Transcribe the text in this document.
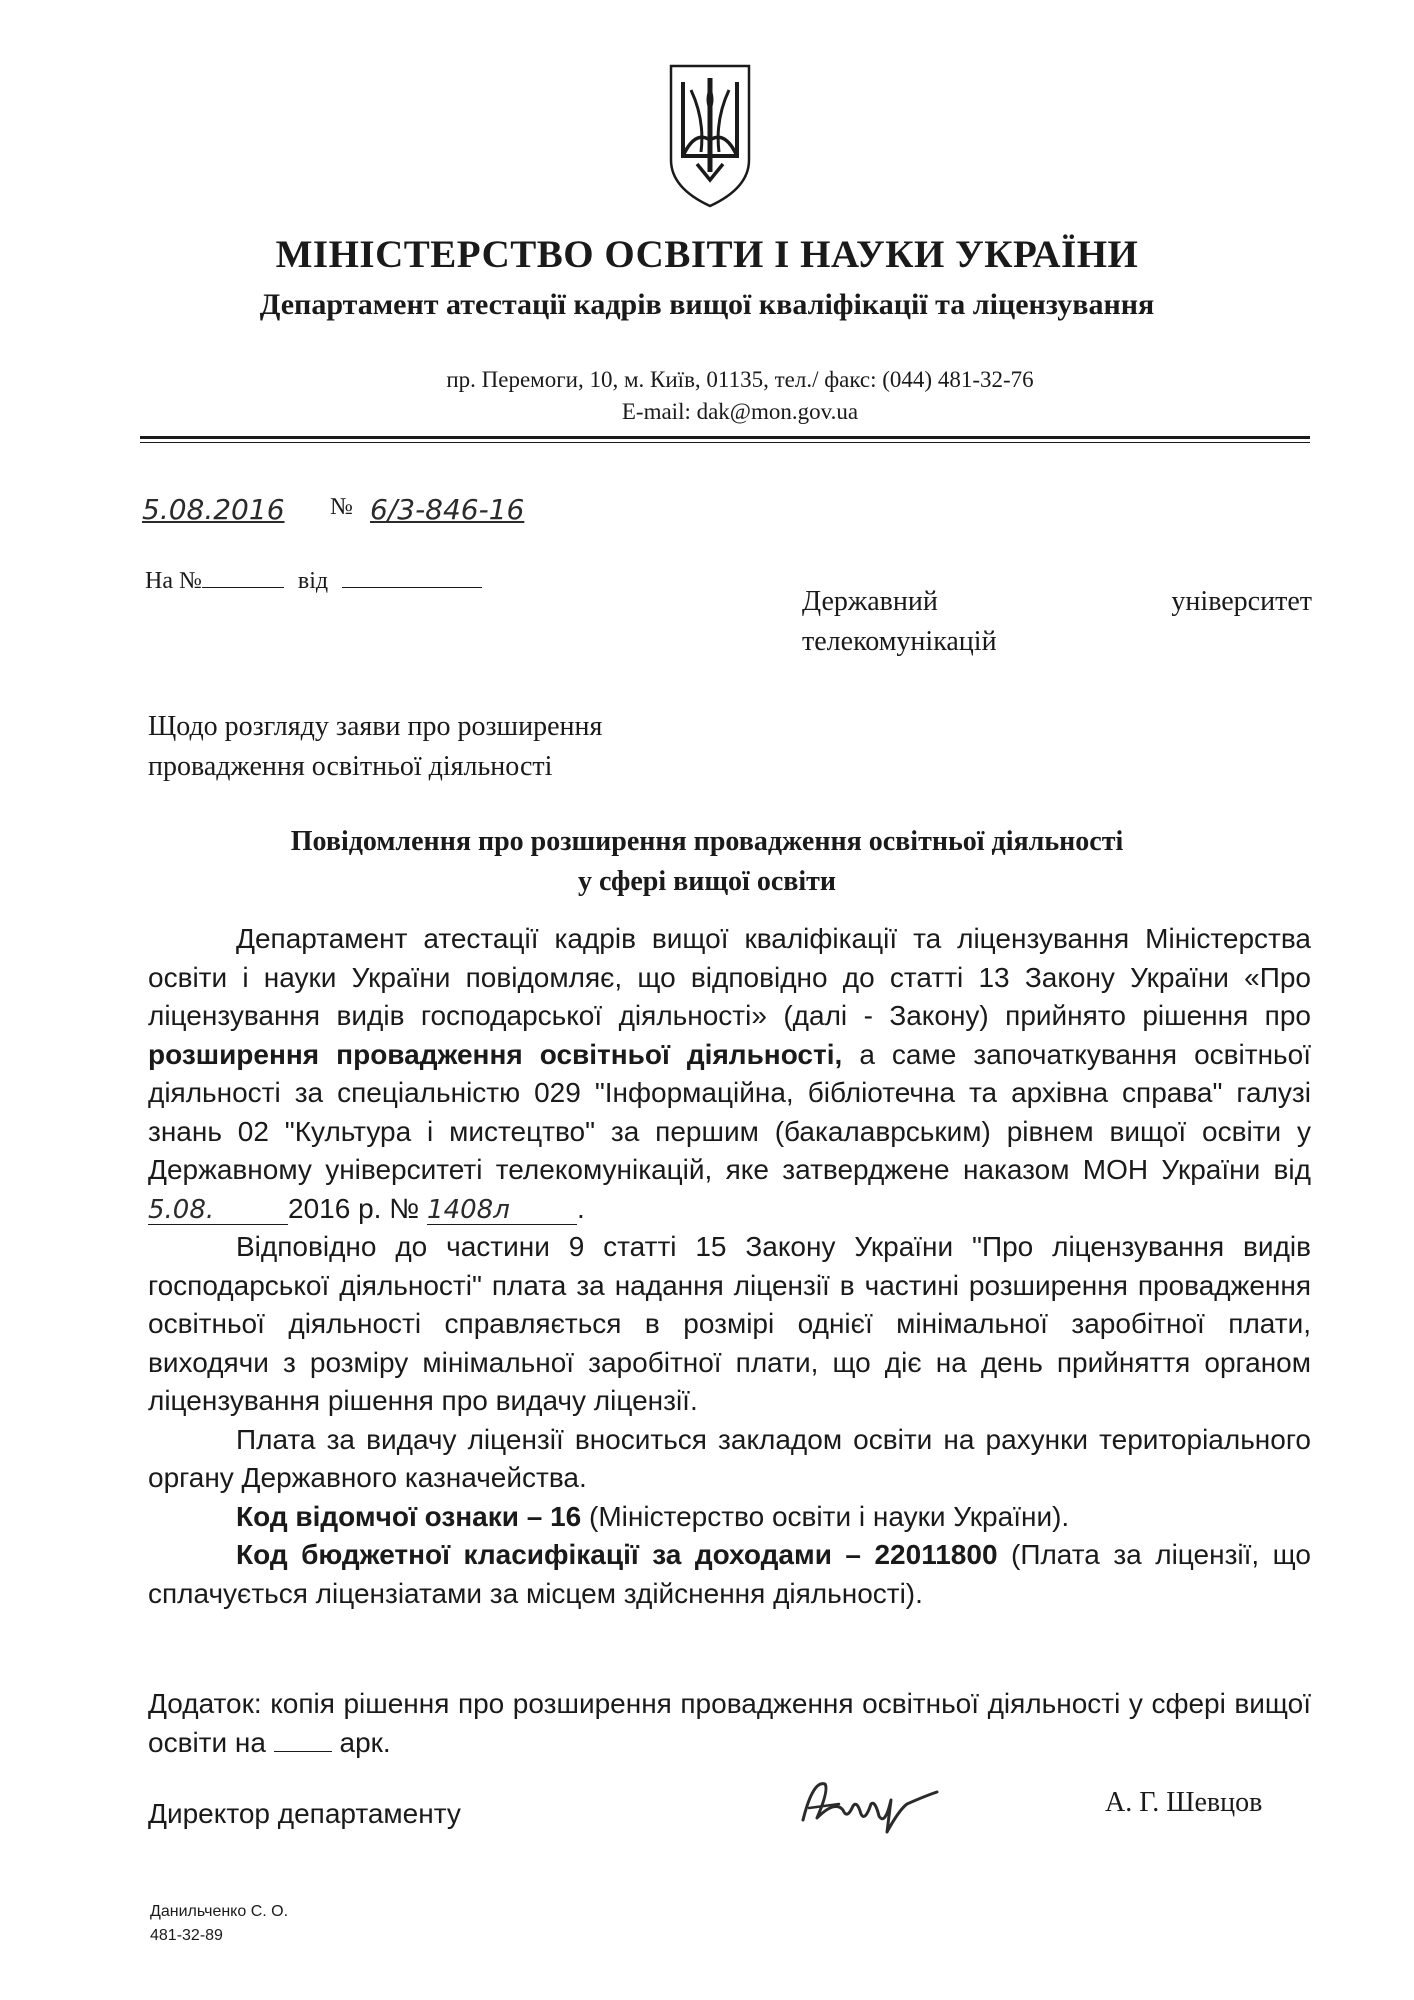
МІНІСТЕРСТВО ОСВІТИ І НАУКИ УКРАЇНИ
Департамент атестації кадрів вищої кваліфікації та ліцензування
пр. Перемоги, 10, м. Київ, 01135, тел./ факс: (044) 481-32-76
E-mail: dak@mon.gov.ua
5.08.2016 № 6/3-846-16
На №	від
Державний університет
телекомунікацій
Щодо розгляду заяви про розширення
провадження освітньої діяльності
Повідомлення про розширення провадження освітньої діяльності
у сфері вищої освіти

Департамент атестації кадрів вищої кваліфікації та ліцензування Міністерства освіти і науки України повідомляє, що відповідно до статті 13 Закону України «Про ліцензування видів господарської діяльності» (далі - Закону) прийнято рішення про розширення провадження освітньої діяльності, а саме започаткування освітньої діяльності за спеціальністю 029 "Інформаційна, бібліотечна та архівна справа" галузі знань 02 "Культура і мистецтво" за першим (бакалаврським) рівнем вищої освіти у Державному університеті телекомунікацій, яке затверджене наказом МОН України від 5.08.	2016 р. № 1408л .

Відповідно до частини 9 статті 15 Закону України "Про ліцензування видів господарської діяльності" плата за надання ліцензії в частині розширення провадження освітньої діяльності справляється в розмірі однієї мінімальної заробітної плати, виходячи з розміру мінімальної заробітної плати, що діє на день прийняття органом ліцензування рішення про видачу ліцензії.

Плата за видачу ліцензії вноситься закладом освіти на рахунки територіального органу Державного казначейства.

Код відомчої ознаки – 16 (Міністерство освіти і науки України).

Код бюджетної класифікації за доходами – 22011800 (Плата за ліцензії, що сплачується ліцензіатами за місцем здійснення діяльності).

Додаток: копія рішення про розширення провадження освітньої діяльності у сфері вищої освіти на  арк.
Директор департаменту	А. Г. Шевцов
Данильченко С. О.
481-32-89
